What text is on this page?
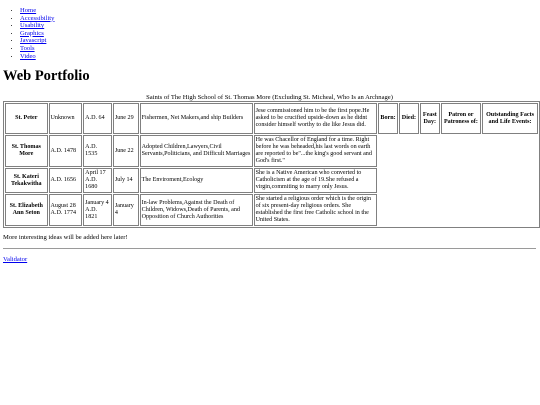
• Home
• Accessibility
• Usability
• Graphics
• Javascript
• Tools
• Video
Web Portfolio
Saints of The High School of St. Thomas More (Excluding St. Micheal, Who Is an Archnage)
St. Peter	Unknown	A.D. 64	June 29	Fishermen, Net Makers,and ship Builders	Jese commissioned him to be the first pope.He asked to be crucified upside-down as he didnt consider himself worthy to die like Jesus did.	Born:	Died:	Feast Day:	Patron or Patroness of:	Outstanding Facts and Life Events:
St. Thomas More	A.D. 1478	A.D. 1535	June 22	Adopted Children,Lawyers,Civil Servants,Politicians, and Difficult Marriages	He was Chacellor of England for a time. Right before he was beheaded,his last words on earth are reported to be"...the king's good servant and God's first."					
St. Kateri Tekakwitha	A.D. 1656	April 17 A.D. 1680	July 14	The Enviroment,Ecology	She is a Native American who converted to Catholicism at the age of 19.She refused a virgin,commiting to marry only Jesus.					
St. Elizabeth Ann Seton	August 28 A.D. 1774	January 4 A.D. 1821	January 4	In-law Problems,Against the Death of Children, Widows,Death of Parents, and Opposition of Church Authorities	She started a religious order which is the origin of six present-day religious orders. She established the first free Catholic school in the United States.					
More interesting ideas will be added here later!
Validator
